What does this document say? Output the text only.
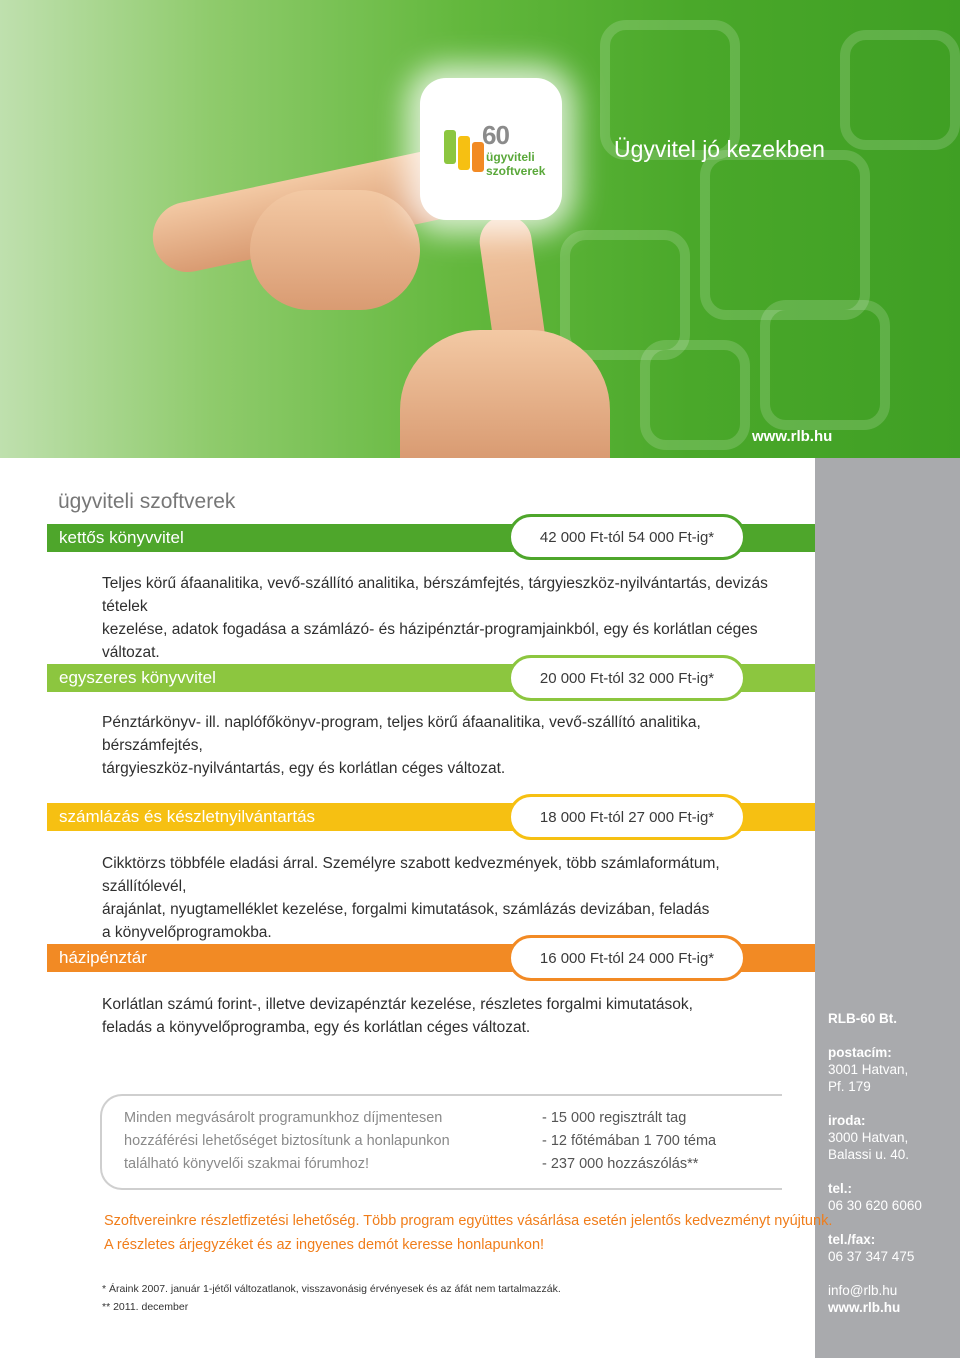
60
ügyviteli
szoftverek
Ügyvitel jó kezekben
www.rlb.hu
RLB-60 Bt.
postacím:
3001 Hatvan,
Pf. 179
iroda:
3000 Hatvan,
Balassi u. 40.
tel.:
06 30 620 6060
tel./fax:
06 37 347 475
info@rlb.hu
www.rlb.hu
ügyviteli szoftverek
kettős könyvvitel	42 000 Ft-tól 54 000 Ft-ig*
Teljes körű áfaanalitika, vevő-szállító analitika, bérszámfejtés, tárgyieszköz-nyilvántartás, devizás tételek
kezelése, adatok fogadása a számlázó- és házipénztár-programjainkból, egy és korlátlan céges változat.
egyszeres könyvvitel	20 000 Ft-tól 32 000 Ft-ig*
Pénztárkönyv- ill. naplófőkönyv-program, teljes körű áfaanalitika, vevő-szállító analitika, bérszámfejtés,
tárgyieszköz-nyilvántartás, egy és korlátlan céges változat.
számlázás és készletnyilvántartás	18 000 Ft-tól 27 000 Ft-ig*
Cikktörzs többféle eladási árral. Személyre szabott kedvezmények, több számlaformátum, szállítólevél,
árajánlat, nyugtamelléklet kezelése, forgalmi kimutatások, számlázás devizában, feladás
a könyvelőprogramokba.
házipénztár	16 000 Ft-tól 24 000 Ft-ig*
Korlátlan számú forint-, illetve devizapénztár kezelése, részletes forgalmi kimutatások,
feladás a könyvelőprogramba, egy és korlátlan céges változat.
Minden megvásárolt programunkhoz díjmentesen
hozzáférési lehetőséget biztosítunk a honlapunkon
található könyvelői szakmai fórumhoz!
- 15 000 regisztrált tag
- 12 főtémában 1 700 téma
- 237 000 hozzászólás**
Szoftvereinkre részletfizetési lehetőség. Több program együttes vásárlása esetén jelentős kedvezményt nyújtunk.
A részletes árjegyzéket és az ingyenes demót keresse honlapunkon!
* Áraink 2007. január 1-jétől változatlanok, visszavonásig érvényesek és az áfát nem tartalmazzák.
** 2011. december
